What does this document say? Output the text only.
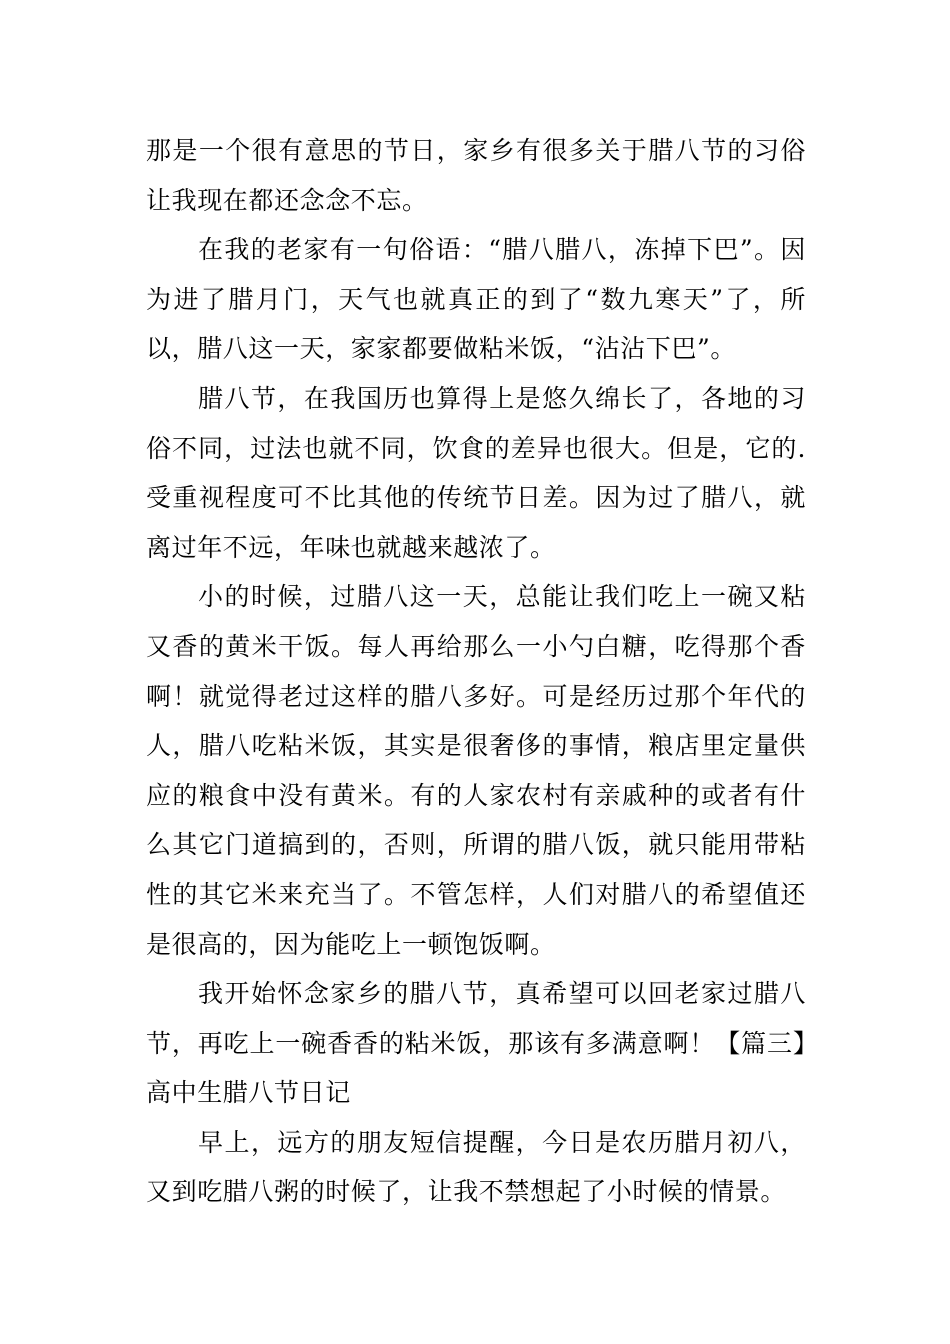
那是一个很有意思的节日，家乡有很多关于腊八节的习俗让我现在都还念念不忘。

在我的老家有一句俗语：“腊八腊八，冻掉下巴”。因为进了腊月门，天气也就真正的到了“数九寒天”了，所以，腊八这一天，家家都要做粘米饭，“沾沾下巴”。

腊八节，在我国历也算得上是悠久绵长了，各地的习俗不同，过法也就不同，饮食的差异也很大。但是，它的.受重视程度可不比其他的传统节日差。因为过了腊八，就离过年不远，年味也就越来越浓了。

小的时候，过腊八这一天，总能让我们吃上一碗又粘又香的黄米干饭。每人再给那么一小勺白糖，吃得那个香啊！就觉得老过这样的腊八多好。可是经历过那个年代的人，腊八吃粘米饭，其实是很奢侈的事情，粮店里定量供应的粮食中没有黄米。有的人家农村有亲戚种的或者有什么其它门道搞到的，否则，所谓的腊八饭，就只能用带粘性的其它米来充当了。不管怎样，人们对腊八的希望值还是很高的，因为能吃上一顿饱饭啊。

我开始怀念家乡的腊八节，真希望可以回老家过腊八节，再吃上一碗香香的粘米饭，那该有多满意啊！【篇三】高中生腊八节日记

早上，远方的朋友短信提醒，今日是农历腊月初八，又到吃腊八粥的时候了，让我不禁想起了小时候的情景。
